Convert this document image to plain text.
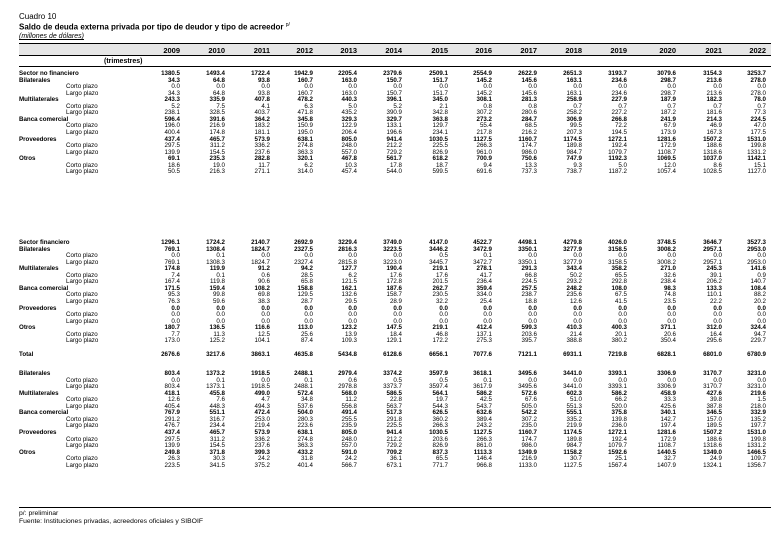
Cuadro 10
Saldo de deuda externa privada por tipo de deudor y tipo de acreedor $^{p/}$
(millones de dólares)
(trimestres)
2009	2010	2011	2012	2013	2014	2015	2016	2017	2018	2019	2020	2021	2022
Sector no financiero	1380.5	1493.4	1722.4	1942.9	2205.4	2379.6	2509.1	2554.9	2622.9	2651.3	3193.7	3079.6	3154.3	3253.7
Bilaterales	34.3	64.8	93.8	160.7	163.0	150.7	151.7	145.2	145.6	163.1	234.6	298.7	213.6	278.0
Corto plazo	0.0	0.0	0.0	0.0	0.0	0.0	0.0	0.0	0.0	0.0	0.0	0.0	0.0	0.0
Largo plazo	34.3	64.8	93.8	160.7	163.0	150.7	151.7	145.2	145.6	163.1	234.6	298.7	213.6	278.0
Multilaterales	243.3	335.9	407.8	478.2	440.3	396.1	345.0	308.1	281.3	258.9	227.9	187.9	182.3	78.0
Corto plazo	5.2	7.5	4.1	6.3	5.0	5.2	2.1	0.8	0.8	0.7	0.7	0.7	0.7	0.7
Largo plazo	238.1	328.5	403.7	471.8	435.2	390.9	342.8	307.2	280.6	258.2	227.2	187.2	181.6	77.3
Banca comercial	596.4	391.6	364.2	345.8	329.3	329.7	363.8	273.2	284.7	306.9	266.8	241.9	214.3	224.5
Corto plazo	196.0	216.9	183.2	150.9	122.9	133.1	129.7	55.4	68.5	99.5	72.2	67.9	46.9	47.0
Largo plazo	400.4	174.8	181.1	195.0	206.4	196.6	234.1	217.8	216.2	207.3	194.5	173.9	167.3	177.5
Proveedores	437.4	465.7	573.9	638.1	805.0	941.4	1030.5	1127.5	1160.7	1174.5	1272.1	1281.6	1507.2	1531.0
Corto plazo	297.5	311.2	336.2	274.8	248.0	212.2	225.5	266.3	174.7	189.8	192.4	172.9	188.6	199.8
Largo plazo	139.9	154.5	237.6	363.3	557.0	729.2	826.9	961.0	986.0	984.7	1079.7	1108.7	1318.6	1331.2
Otros	69.1	235.3	282.8	320.1	467.8	561.7	618.2	700.9	750.6	747.9	1192.3	1069.5	1037.0	1142.1
Corto plazo	18.6	19.0	11.7	6.2	10.3	17.8	18.7	9.4	13.3	9.3	5.0	12.0	8.6	15.1
Largo plazo	50.5	216.3	271.1	314.0	457.4	544.0	599.5	691.6	737.3	738.7	1187.2	1057.4	1028.5	1127.0
Sector financiero	1296.1	1724.2	2140.7	2692.9	3229.4	3749.0	4147.0	4522.7	4498.1	4279.8	4026.0	3748.5	3646.7	3527.3
Bilaterales	769.1	1308.4	1824.7	2327.5	2816.3	3223.5	3446.2	3472.9	3350.1	3277.9	3158.5	3008.2	2957.1	2953.0
Corto plazo	0.0	0.1	0.0	0.0	0.0	0.0	0.5	0.1	0.0	0.0	0.0	0.0	0.0	0.0
Largo plazo	769.1	1308.3	1824.7	2327.4	2815.8	3223.0	3445.7	3472.7	3350.1	3277.9	3158.5	3008.2	2957.1	2953.0
Multilaterales	174.8	119.9	91.2	94.2	127.7	190.4	219.1	278.1	291.3	343.4	358.2	271.0	245.3	141.6
Corto plazo	7.4	0.1	0.6	28.5	6.2	17.6	17.6	41.7	66.8	50.2	65.5	32.6	39.1	0.9
Largo plazo	167.4	119.8	90.6	65.8	121.5	172.8	201.5	236.4	224.5	293.2	292.8	238.4	206.2	140.7
Banca comercial	171.5	159.4	108.2	158.8	162.1	187.6	262.7	359.4	257.5	248.2	108.0	98.3	133.3	108.4
Corto plazo	95.3	99.8	69.8	129.5	132.6	158.7	230.5	334.0	238.7	235.6	67.5	74.8	110.1	88.2
Largo plazo	76.3	59.6	38.3	28.7	29.5	28.9	32.2	25.4	18.8	12.6	41.5	23.5	22.2	20.2
Proveedores	0.0	0.0	0.0	0.0	0.0	0.0	0.0	0.0	0.0	0.0	0.0	0.0	0.0	0.0
Corto plazo	0.0	0.0	0.0	0.0	0.0	0.0	0.0	0.0	0.0	0.0	0.0	0.0	0.0	0.0
Largo plazo	0.0	0.0	0.0	0.0	0.0	0.0	0.0	0.0	0.0	0.0	0.0	0.0	0.0	0.0
Otros	180.7	136.5	116.6	113.0	123.2	147.5	219.1	412.4	599.3	410.3	400.3	371.1	312.0	324.4
Corto plazo	7.7	11.3	12.5	25.6	13.9	18.4	46.8	137.1	203.6	21.4	20.1	20.6	16.4	94.7
Largo plazo	173.0	125.2	104.1	87.4	109.3	129.1	172.2	275.3	395.7	388.8	380.2	350.4	295.6	229.7
Total	2676.6	3217.6	3863.1	4635.8	5434.8	6128.6	6656.1	7077.6	7121.1	6931.1	7219.8	6828.1	6801.0	6780.9
Bilaterales	803.4	1373.2	1918.5	2488.1	2979.4	3374.2	3597.9	3618.1	3495.6	3441.0	3393.1	3306.9	3170.7	3231.0
Corto plazo	0.0	0.1	0.0	0.1	0.6	0.5	0.5	0.1	0.0	0.0	0.0	0.0	0.0	0.0
Largo plazo	803.4	1373.1	1918.5	2488.1	2978.8	3373.7	3597.4	3617.9	3495.6	3441.0	3393.1	3306.9	3170.7	3231.0
Multilaterales	418.1	455.8	499.0	572.4	568.0	586.5	564.1	586.2	572.6	602.3	586.2	458.9	427.6	219.6
Corto plazo	12.6	7.6	4.7	34.8	11.2	22.8	19.7	42.5	67.6	51.0	66.2	33.3	39.8	1.5
Largo plazo	405.4	448.3	494.3	537.6	556.8	563.7	544.3	543.7	505.0	551.3	520.0	425.6	387.8	218.0
Banca comercial	767.9	551.1	472.4	504.0	491.4	517.3	626.5	632.6	542.2	555.1	375.8	340.1	346.5	332.9
Corto plazo	291.2	316.7	253.0	280.3	255.5	291.8	360.2	389.4	307.2	335.2	139.8	142.7	157.0	135.2
Largo plazo	476.7	234.4	219.4	223.6	235.9	225.5	266.3	243.2	235.0	219.9	236.0	197.4	189.5	197.7
Proveedores	437.4	465.7	573.9	638.1	805.0	941.4	1030.5	1127.5	1160.7	1174.5	1272.1	1281.6	1507.2	1531.0
Corto plazo	297.5	311.2	336.2	274.8	248.0	212.2	203.6	266.3	174.7	189.8	192.4	172.9	188.6	199.8
Largo plazo	139.9	154.5	237.6	363.3	557.0	729.2	826.9	861.0	986.0	984.7	1079.7	1108.7	1318.6	1331.2
Otros	249.8	371.8	399.3	433.2	591.0	709.2	837.3	1113.3	1349.9	1158.2	1592.6	1440.5	1349.0	1466.5
Corto plazo	26.3	30.3	24.2	31.8	24.2	36.1	65.5	146.4	216.9	30.7	25.1	32.7	24.9	109.7
Largo plazo	223.5	341.5	375.2	401.4	566.7	673.1	771.7	966.8	1133.0	1127.5	1567.4	1407.9	1324.1	1356.7
p/: preliminar
Fuente: Instituciones privadas, acreedores oficiales y SIBOIF
